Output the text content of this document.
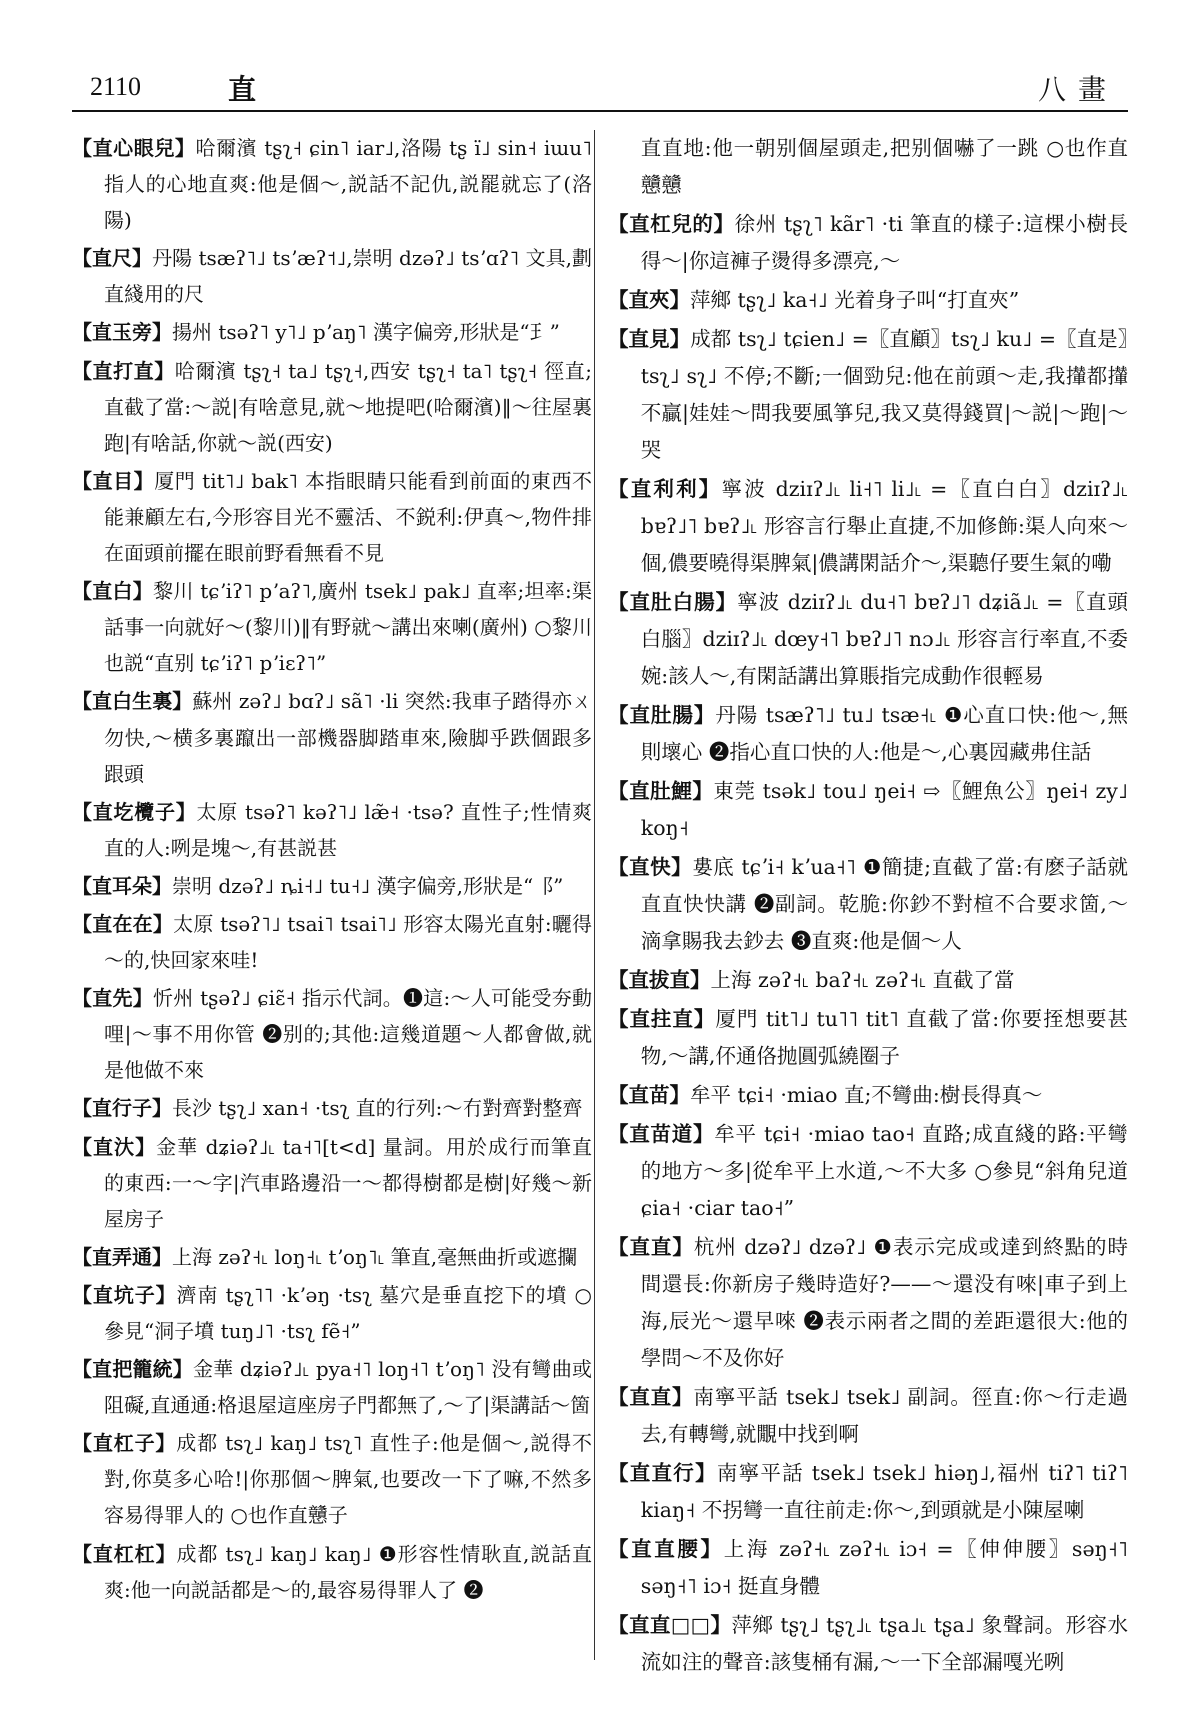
2110	直	八畫

【直心眼兒】哈爾濱 tʂʅ˧ ɕin˥ iar˩,洛陽 tʂ ï˩ sin˧ iɯu˥ 指人的心地直爽:他是個～,説話不記仇,説罷就忘了(洛陽)

【直尺】丹陽 tsæʔ˥˩ tsʼæʔ˦˩,崇明 dzəʔ˩ tsʼɑʔ˥ 文具,劃直綫用的尺

【直玉旁】揚州 tsəʔ˥ y˥˩ pʼaŋ˥ 漢字偏旁,形狀是“⺩”

【直打直】哈爾濱 tʂʅ˧ ta˩ tʂʅ˧,西安 tʂʅ˧ ta˥ tʂʅ˧ 徑直;直截了當:～説|有啥意見,就～地提吧(哈爾濱)‖～往屋裏跑|有啥話,你就～説(西安)

【直目】厦門 tit˥˩ bak˥ 本指眼睛只能看到前面的東西不能兼顧左右,今形容目光不靈活、不鋭利:伊真～,物件排在面頭前擺在眼前野看無看不見

【直白】黎川 tɕʼiʔ˥ pʼaʔ˥,廣州 tsek˩ pak˩ 直率;坦率:渠話事一向就好～(黎川)‖有野就～講出來喇(廣州) ○黎川也説“直别 tɕʼiʔ˥ pʼiɛʔ˥”

【直白生裏】蘇州 zəʔ˩ bɑʔ˩ sã˥ ·li 突然:我車子踏得亦ㄨ勿快,～横多裏躥出一部機器脚踏車來,險脚乎跌個跟多跟頭

【直圪欖子】太原 tsəʔ˥ kəʔ˥˩ læ̃˧ ·tsə? 直性子;性情爽直的人:咧是塊～,有甚説甚

【直耳朵】崇明 dzəʔ˩ ȵi˧˩ tu˧˩ 漢字偏旁,形狀是“⻏”

【直在在】太原 tsəʔ˥˩ tsai˥ tsai˥˩ 形容太陽光直射:曬得～的,快回家來哇!

【直先】忻州 tʂəʔ˩ ɕiɛ̃˧ 指示代詞。❶這:～人可能受夯動哩|～事不用你管 ❷别的;其他:這幾道題～人都會做,就是他做不來

【直行子】長沙 tʂʅ˩ xan˧ ·tsʅ 直的行列:～冇對齊對整齊

【直汏】金華 dʑiəʔ˩˪ ta˧˥[t<d] 量詞。用於成行而筆直的東西:一～字|汽車路邊沿一～都得樹都是樹|好幾～新屋房子

【直弄通】上海 zəʔ˧˪ loŋ˧˪ tʼoŋ˥˪ 筆直,毫無曲折或遮攔

【直坑子】濟南 tʂʅ˥˥ ·kʼəŋ ·tsʅ 墓穴是垂直挖下的墳 ○參見“洞子墳 tuŋ˩˥ ·tsʅ fẽ˧”

【直把籠統】金華 dʑiəʔ˩˪ pya˧˥ loŋ˧˥ tʼoŋ˥ 没有彎曲或阻礙,直通通:格退屋這座房子門都無了,～了|渠講話～箇

【直杠子】成都 tsʅ˩ kaŋ˩ tsʅ˥ 直性子:他是個～,説得不對,你莫多心哈!|你那個～脾氣,也要改一下了嘛,不然多容易得罪人的 ○也作直戇子

【直杠杠】成都 tsʅ˩ kaŋ˩ kaŋ˩ ❶形容性情耿直,説話直爽:他一向説話都是～的,最容易得罪人了 ❷

直直地:他一朝别個屋頭走,把别個嚇了一跳 ○也作直戇戇

【直杠兒的】徐州 tʂʅ˥ kãr˥ ·ti 筆直的樣子:這棵小樹長得～|你這褲子燙得多漂亮,～

【直夾】萍鄉 tʂʅ˩ ka˧˩ 光着身子叫“打直夾”

【直見】成都 tsʅ˩ tɕien˩ =〖直顧〗tsʅ˩ ku˩ =〖直是〗tsʅ˩ sʅ˩ 不停;不斷;一個勁兒:他在前頭～走,我攆都攆不贏|娃娃～問我要風箏兒,我又莫得錢買|～説|～跑|～哭

【直利利】寧波 dziɪʔ˩˪ li˧˥ li˩˪ =〖直白白〗dziɪʔ˩˪ bɐʔ˩˥ bɐʔ˩˪ 形容言行舉止直捷,不加修飾:渠人向來～個,儂要曉得渠脾氣|儂講閑話介～,渠聽仔要生氣的嘞

【直肚白腸】寧波 dziɪʔ˩˪ du˧˥ bɐʔ˩˥ dʑiã˩˪ =〖直頭白腦〗dziɪʔ˩˪ dœy˧˥ bɐʔ˩˥ nɔ˩˪ 形容言行率直,不委婉:該人～,有閑話講出算賬指完成動作很輕易

【直肚腸】丹陽 tsæʔ˥˩ tu˩ tsæ˧˪ ❶心直口快:他～,無則壞心 ❷指心直口快的人:他是～,心裏囥藏弗住話

【直肚鯉】東莞 tsək˩ tou˩ ŋei˧ ⇨〖鯉魚公〗ŋei˧ zy˩ koŋ˧

【直快】婁底 tɕʼi˧ kʼua˧˥ ❶簡捷;直截了當:有麽子話就直直快快講 ❷副詞。乾脆:你鈔不對楦不合要求箇,～滴拿賜我去鈔去 ❸直爽:他是個～人

【直拔直】上海 zəʔ˧˪ baʔ˧˪ zəʔ˧˪ 直截了當

【直拄直】厦門 tit˥˩ tu˥˥ tit˥ 直截了當:你要挃想要甚物,～講,伓通佫抛圓弧繞圈子

【直苗】牟平 tɕi˧ ·miao 直;不彎曲:樹長得真～

【直苗道】牟平 tɕi˧ ·miao tao˧ 直路;成直綫的路:平彎的地方～多|從牟平上水道,～不大多 ○參見“斜角兒道 ɕia˧ ·ciar tao˧”

【直直】杭州 dzəʔ˩ dzəʔ˩ ❶表示完成或達到終點的時間還長:你新房子幾時造好?——～還没有唻|車子到上海,辰光～還早唻 ❷表示兩者之間的差距還很大:他的學問～不及你好

【直直】南寧平話 tsek˩ tsek˩ 副詞。徑直:你～行走過去,有轉彎,就覵中找到啊

【直直行】南寧平話 tsek˩ tsek˩ hiəŋ˩,福州 tiʔ˥ tiʔ˥ kiaŋ˧ 不拐彎一直往前走:你～,到頭就是小陳屋喇

【直直腰】上海 zəʔ˧˪ zəʔ˧˪ iɔ˧ =〖伸伸腰〗səŋ˧˥ səŋ˧˥ iɔ˧ 挺直身體

【直直□□】萍鄉 tʂʅ˩ tʂʅ˩˪ tʂa˩˪ tʂa˩ 象聲詞。形容水流如注的聲音:該隻桶有漏,～一下全部漏嘎光咧
